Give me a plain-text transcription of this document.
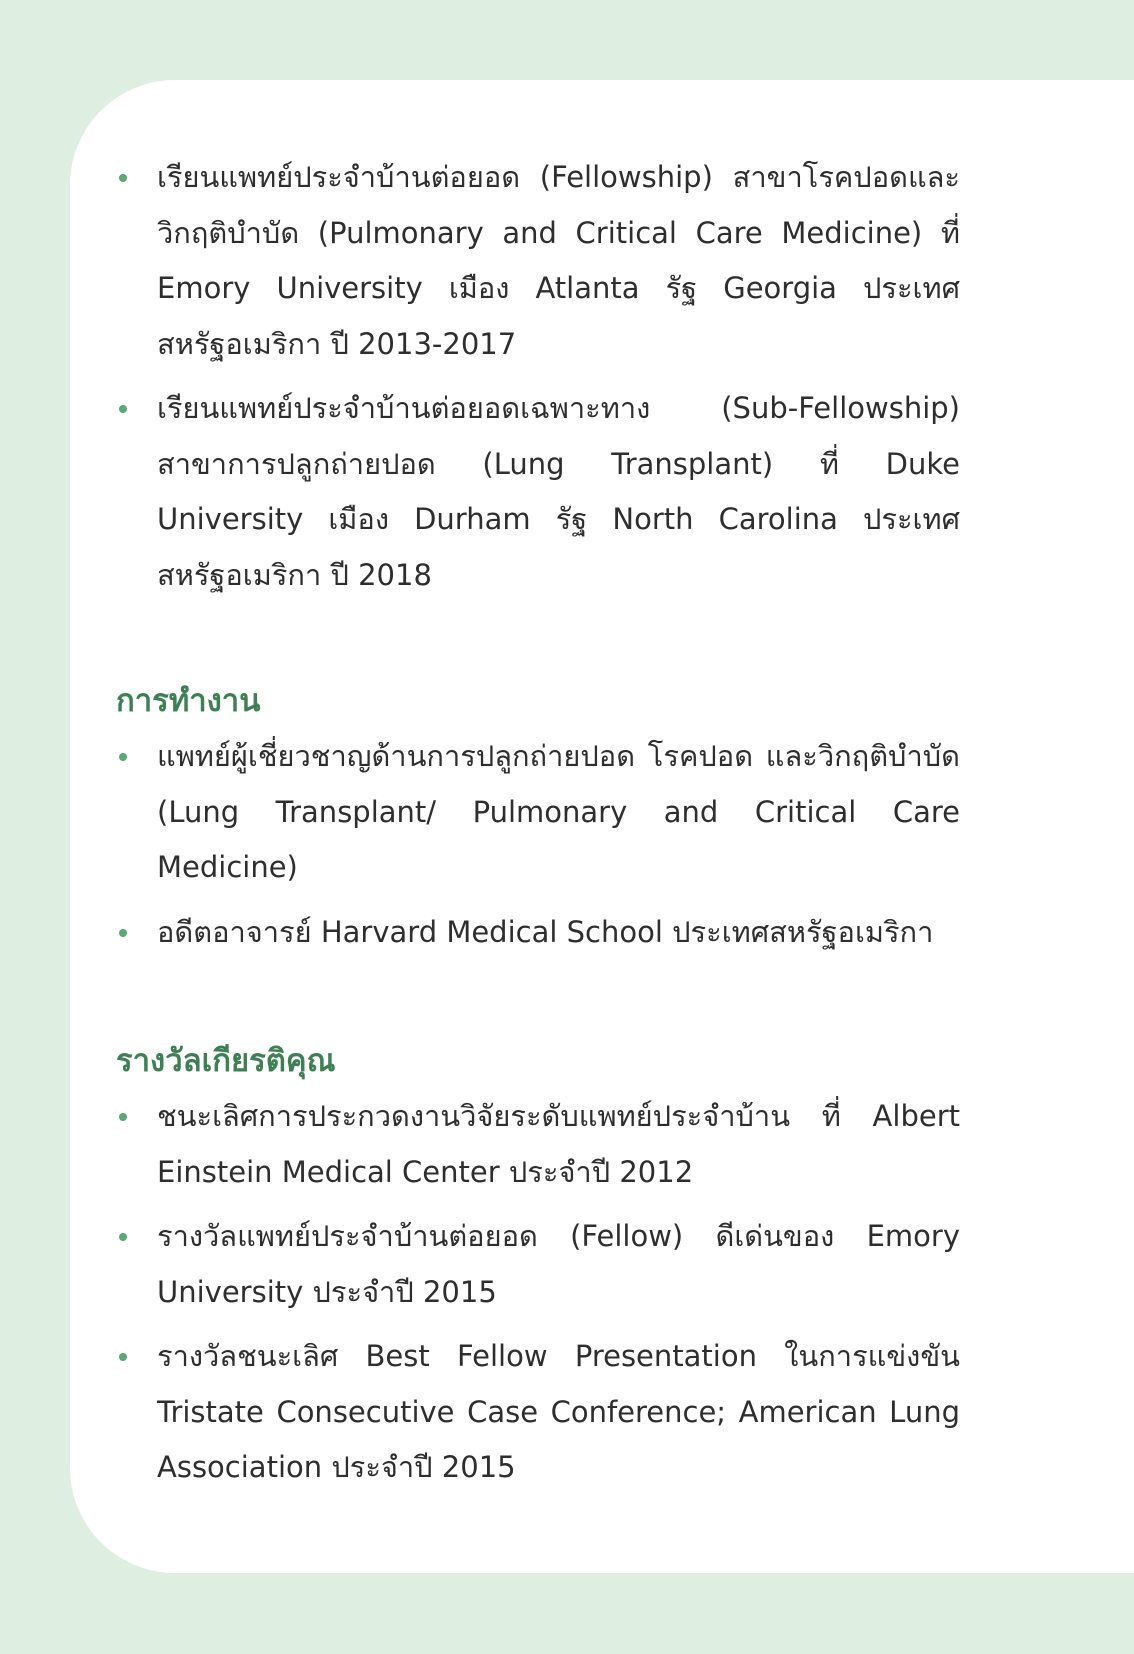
เรียนแพทย์ประจำบ้านต่อยอด (Fellowship) สาขาโรคปอดและวิกฤติบำบัด (Pulmonary and Critical Care Medicine) ที่ Emory University เมือง Atlanta รัฐ Georgia ประเทศสหรัฐอเมริกา ปี 2013-2017
เรียนแพทย์ประจำบ้านต่อยอดเฉพาะทาง (Sub-Fellowship) สาขาการปลูกถ่ายปอด (Lung Transplant) ที่ Duke University เมือง Durham รัฐ North Carolina ประเทศสหรัฐอเมริกา ปี 2018
การทำงาน
แพทย์ผู้เชี่ยวชาญด้านการปลูกถ่ายปอด โรคปอด และวิกฤติบำบัด (Lung Transplant/ Pulmonary and Critical Care Medicine)
อดีตอาจารย์ Harvard Medical School ประเทศสหรัฐอเมริกา
รางวัลเกียรติคุณ
ชนะเลิศการประกวดงานวิจัยระดับแพทย์ประจำบ้าน ที่ Albert Einstein Medical Center ประจำปี 2012
รางวัลแพทย์ประจำบ้านต่อยอด (Fellow) ดีเด่นของ Emory University ประจำปี 2015
รางวัลชนะเลิศ Best Fellow Presentation ในการแข่งขัน Tristate Consecutive Case Conference; American Lung Association ประจำปี 2015
